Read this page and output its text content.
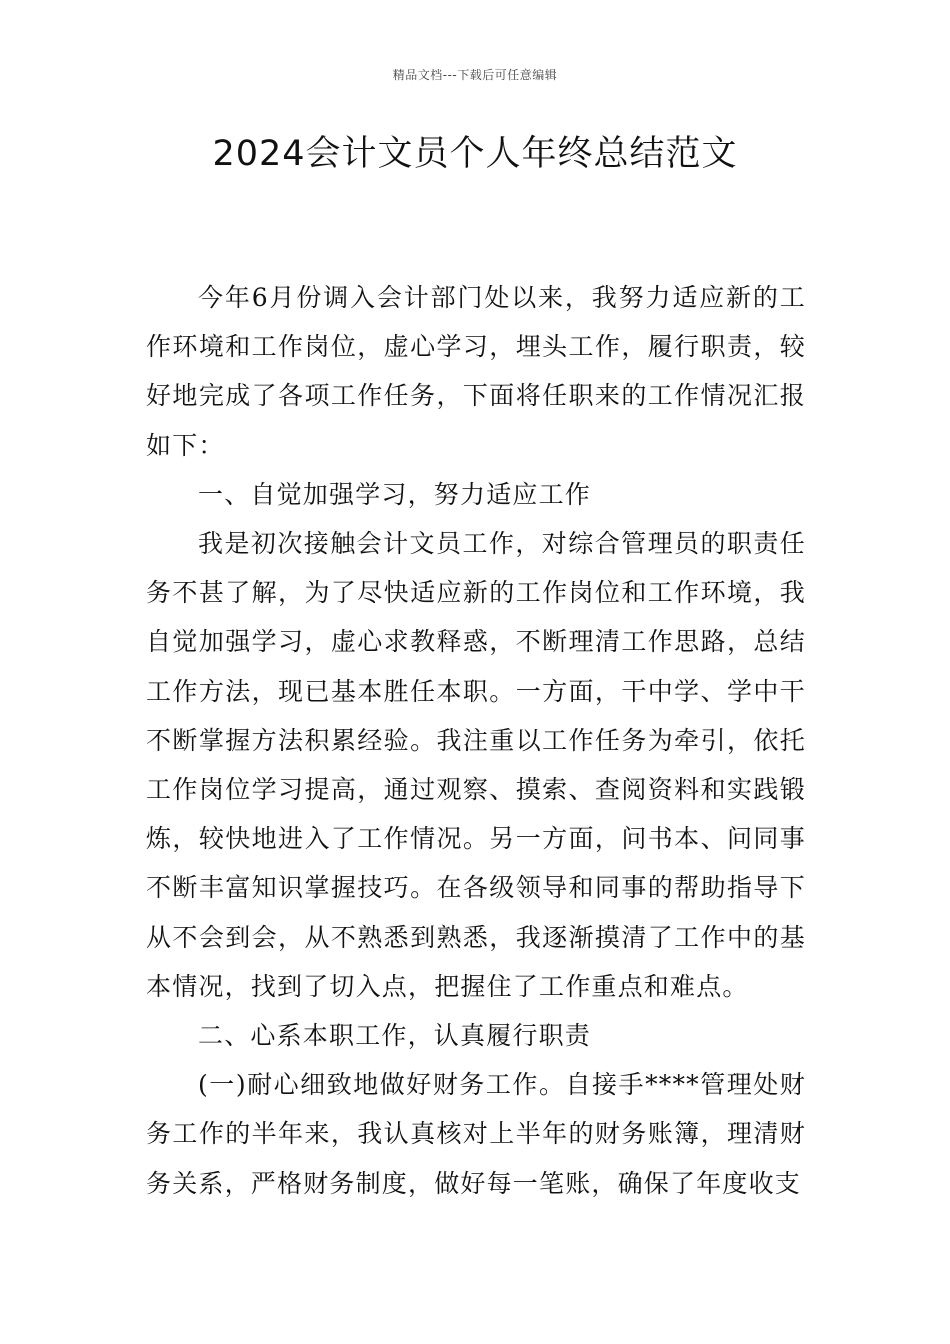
精品文档---下载后可任意编辑
2024会计文员个人年终总结范文

今年6月份调入会计部门处以来，我努力适应新的工作环境和工作岗位，虚心学习，埋头工作，履行职责，较好地完成了各项工作任务，下面将任职来的工作情况汇报如下：

一、自觉加强学习，努力适应工作

我是初次接触会计文员工作，对综合管理员的职责任务不甚了解，为了尽快适应新的工作岗位和工作环境，我自觉加强学习，虚心求教释惑，不断理清工作思路，总结工作方法，现已基本胜任本职。一方面，干中学、学中干不断掌握方法积累经验。我注重以工作任务为牵引，依托工作岗位学习提高，通过观察、摸索、查阅资料和实践锻炼，较快地进入了工作情况。另一方面，问书本、问同事不断丰富知识掌握技巧。在各级领导和同事的帮助指导下从不会到会，从不熟悉到熟悉，我逐渐摸清了工作中的基本情况，找到了切入点，把握住了工作重点和难点。

二、心系本职工作，认真履行职责

(一)耐心细致地做好财务工作。自接手****管理处财务工作的半年来，我认真核对上半年的财务账簿，理清财务关系，严格财务制度，做好每一笔账，确保了年度收支
